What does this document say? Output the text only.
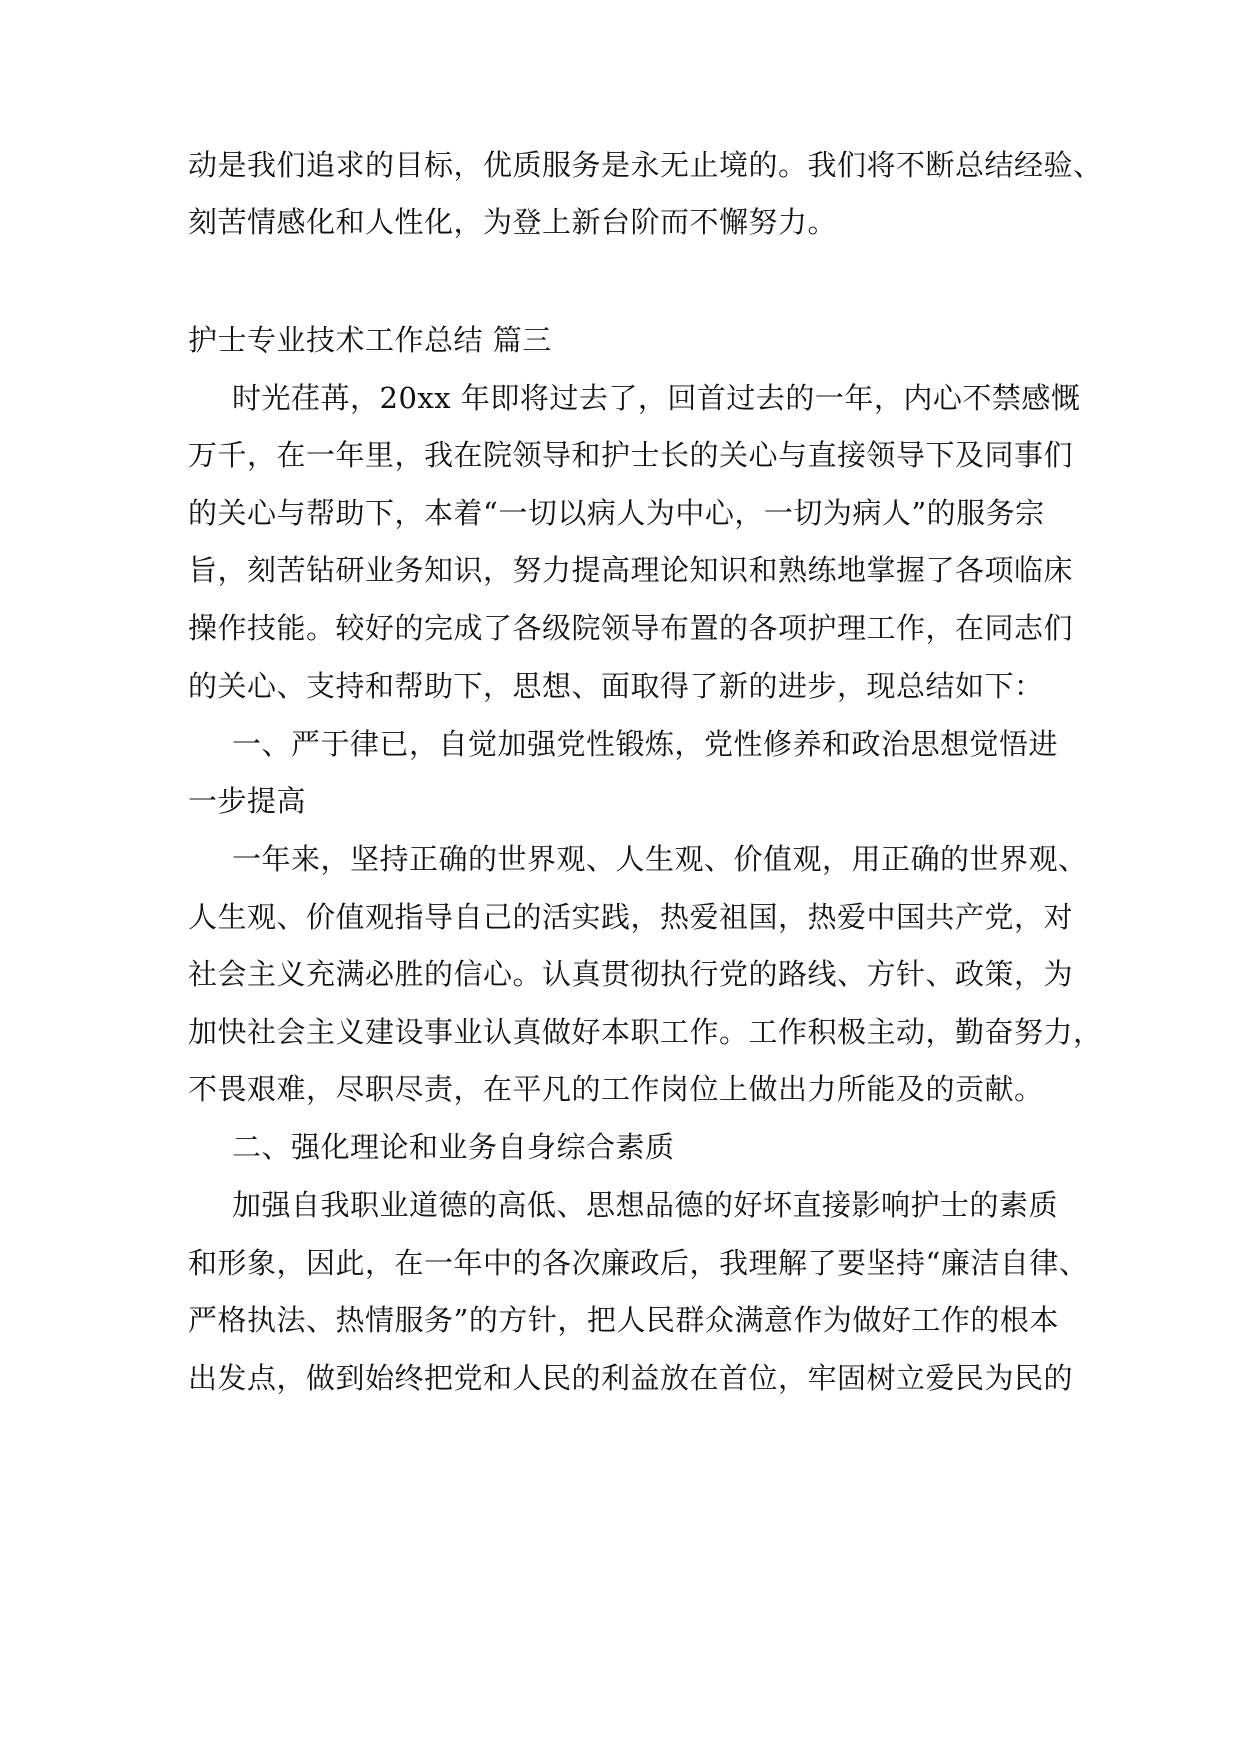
动是我们追求的目标，优质服务是永无止境的。我们将不断总结经验、
刻苦情感化和人性化，为登上新台阶而不懈努力。
护士专业技术工作总结 篇三
时光荏苒，20xx 年即将过去了，回首过去的一年，内心不禁感慨
万千，在一年里，我在院领导和护士长的关心与直接领导下及同事们
的关心与帮助下，本着“一切以病人为中心，一切为病人”的服务宗
旨，刻苦钻研业务知识，努力提高理论知识和熟练地掌握了各项临床
操作技能。较好的完成了各级院领导布置的各项护理工作，在同志们
的关心、支持和帮助下，思想、面取得了新的进步，现总结如下：
一、严于律已，自觉加强党性锻炼，党性修养和政治思想觉悟进
一步提高
一年来，坚持正确的世界观、人生观、价值观，用正确的世界观、
人生观、价值观指导自己的活实践，热爱祖国，热爱中国共产党，对
社会主义充满必胜的信心。认真贯彻执行党的路线、方针、政策，为
加快社会主义建设事业认真做好本职工作。工作积极主动，勤奋努力，
不畏艰难，尽职尽责，在平凡的工作岗位上做出力所能及的贡献。
二、强化理论和业务自身综合素质
加强自我职业道德的高低、思想品德的好坏直接影响护士的素质
和形象，因此，在一年中的各次廉政后，我理解了要坚持“廉洁自律、
严格执法、热情服务”的方针，把人民群众满意作为做好工作的根本
出发点，做到始终把党和人民的利益放在首位，牢固树立爱民为民的
